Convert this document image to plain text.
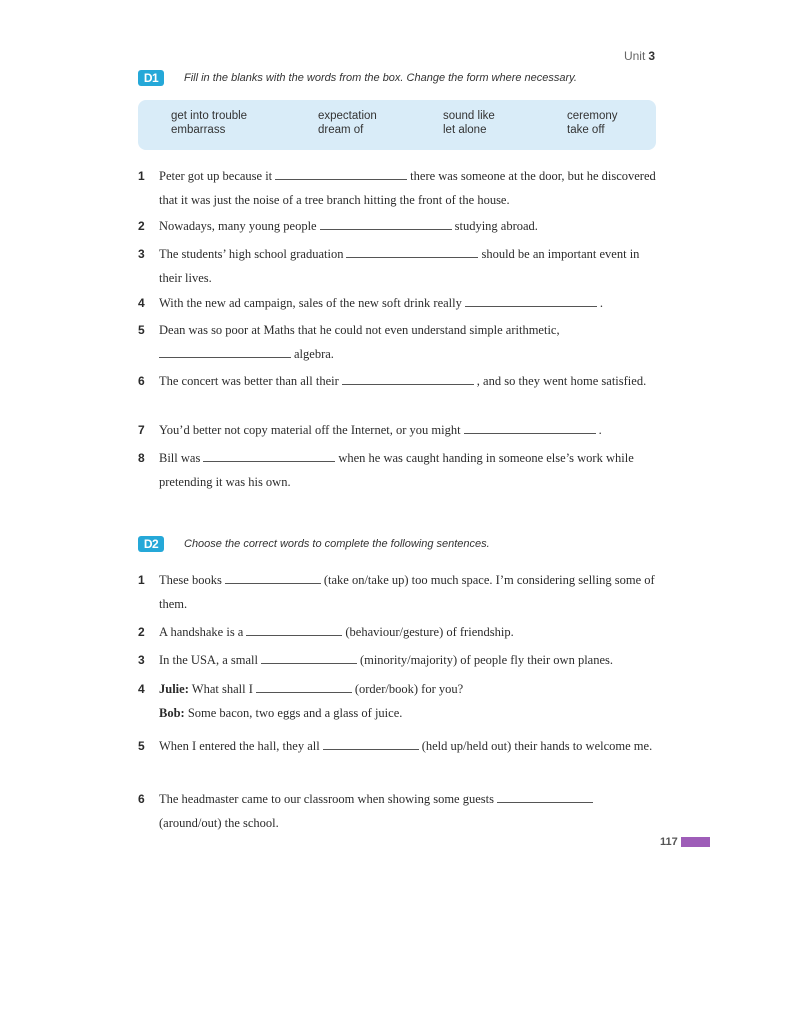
Unit 3
D1	Fill in the blanks with the words from the box. Change the form where necessary.
get into trouble	expectation	sound like	ceremony
embarrass	dream of	let alone	take off
1 Peter got up because it	there was someone at the door, but he discovered that it was just the noise of a tree branch hitting the front of the house.
2 Nowadays, many young people	studying abroad.
3 The students’ high school graduation	should be an important event in their lives.
4 With the new ad campaign, sales of the new soft drink really	.
5 Dean was so poor at Maths that he could not even understand simple arithmetic,
algebra.
6 The concert was better than all their	, and so they went home satisfied.
7 You’d better not copy material off the Internet, or you might	.
8 Bill was	when he was caught handing in someone else’s work while pretending it was his own.
D2	Choose the correct words to complete the following sentences.
1 These books	(take on/take up) too much space. I’m considering selling some of them.
2 A handshake is a	(behaviour/gesture) of friendship.
3 In the USA, a small	(minority/majority) of people fly their own planes.
4 Julie: What shall I	(order/book) for you?
Bob: Some bacon, two eggs and a glass of juice.
5 When I entered the hall, they all	(held up/held out) their hands to welcome me.
6 The headmaster came to our classroom when showing some guests(around/out) the school.
117
